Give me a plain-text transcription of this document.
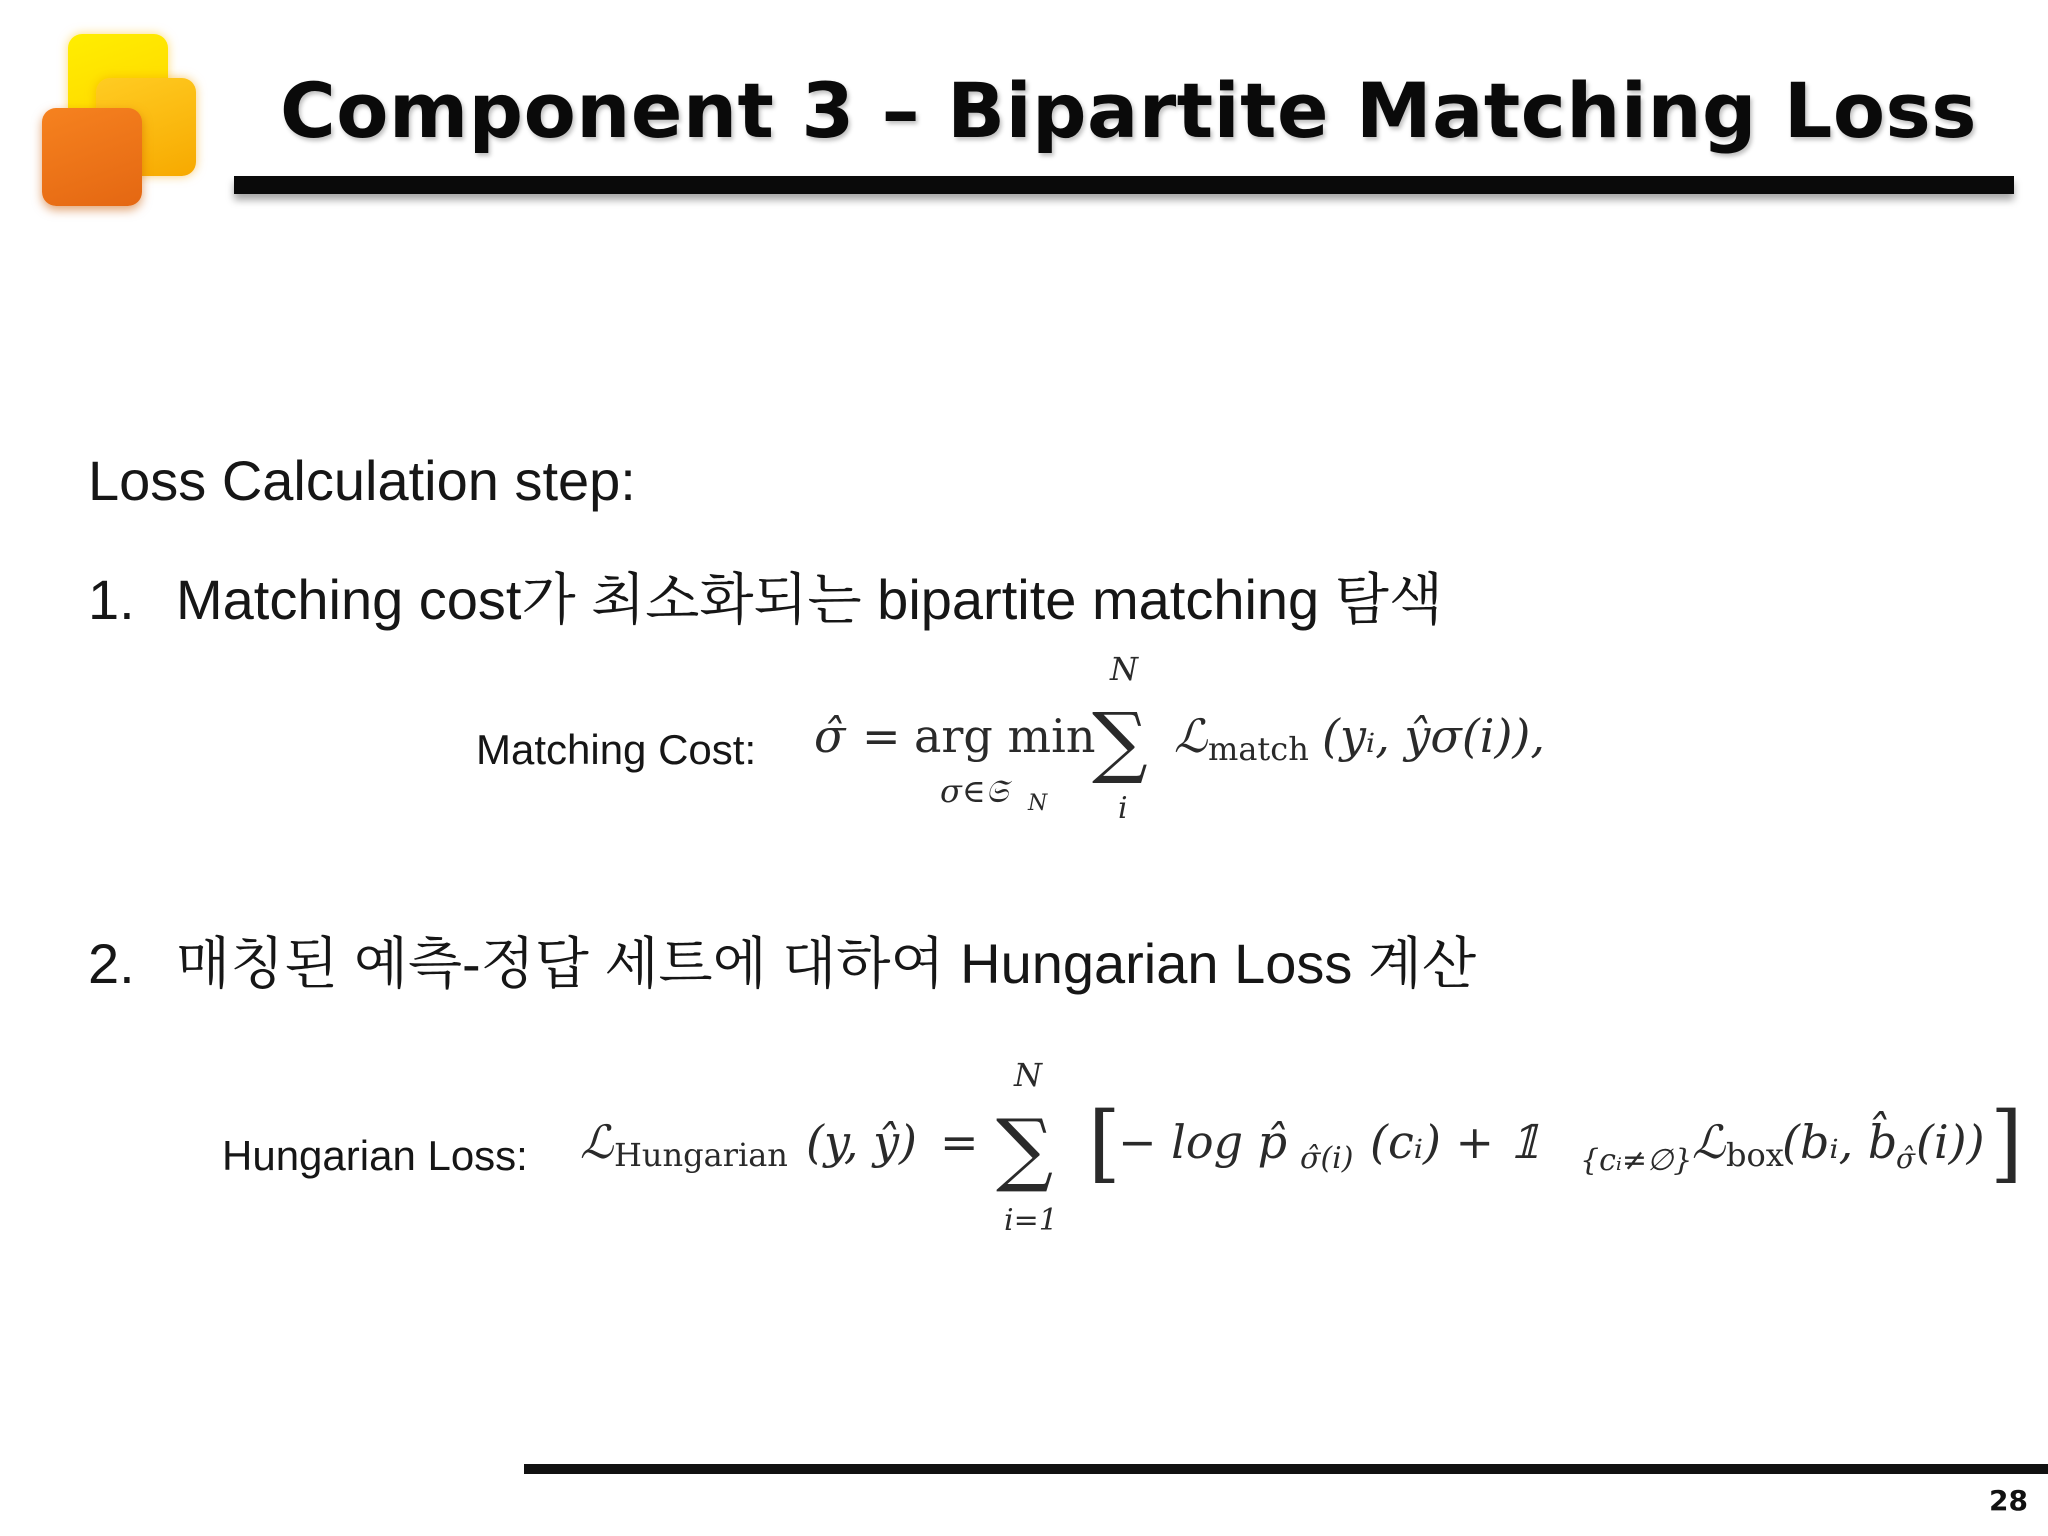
Component 3 – Bipartite Matching Loss
Loss Calculation step:
1. Matching cost가 최소화되는 bipartite matching 탐색
Matching Cost: σ̂ = arg min
σ∈𝔖 N
N
∑
i
ℒ match (yᵢ, ŷσ(i)),
2. 매칭된 예측-정답 세트에 대하여 Hungarian Loss 계산
Hungarian Loss: ℒ Hungarian (y, ŷ) =
N
∑
i=1
[
− log p̂ σ̂(i) (cᵢ) + 𝟙 {cᵢ≠∅} ℒ box
(bᵢ, b̂
σ̂ (i)) ]
28
